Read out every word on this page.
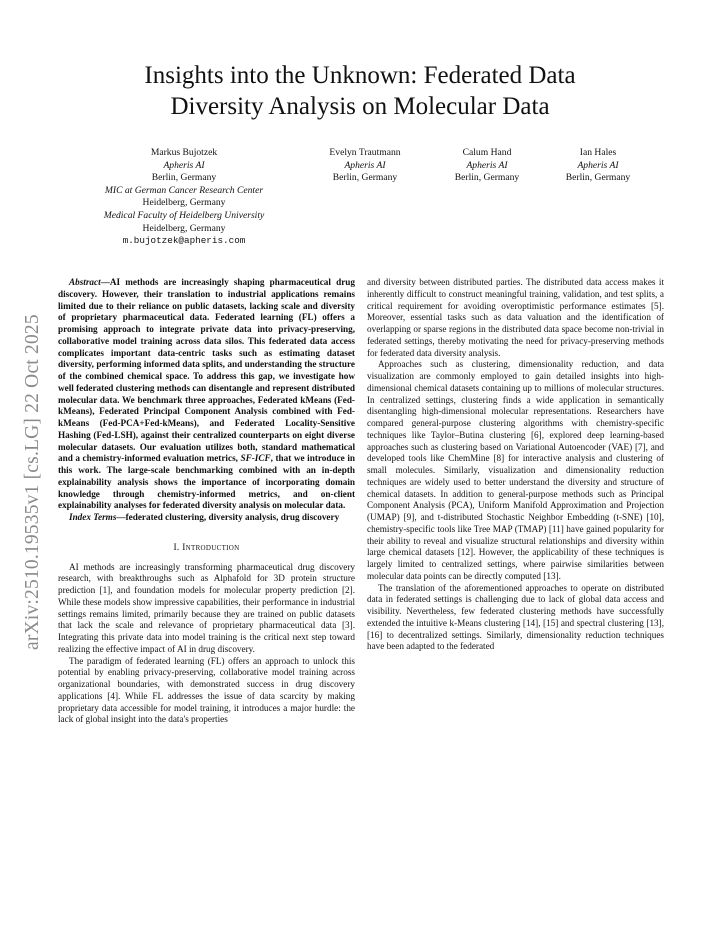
arXiv:2510.19535v1 [cs.LG] 22 Oct 2025
Insights into the Unknown: Federated Data
Diversity Analysis on Molecular Data
Markus Bujotzek
Apheris AI
Berlin, Germany
MIC at German Cancer Research Center
Heidelberg, Germany
Medical Faculty of Heidelberg University
Heidelberg, Germany
m.bujotzek@apheris.com
Evelyn Trautmann
Apheris AI
Berlin, Germany
Calum Hand
Apheris AI
Berlin, Germany
Ian Hales
Apheris AI
Berlin, Germany

Abstract—AI methods are increasingly shaping pharmaceutical drug discovery. However, their translation to industrial applications remains limited due to their reliance on public datasets, lacking scale and diversity of proprietary pharmaceutical data. Federated learning (FL) offers a promising approach to integrate private data into privacy-preserving, collaborative model training across data silos. This federated data access complicates important data-centric tasks such as estimating dataset diversity, performing informed data splits, and understanding the structure of the combined chemical space. To address this gap, we investigate how well federated clustering methods can disentangle and represent distributed molecular data. We benchmark three approaches, Federated kMeans (Fed-kMeans), Federated Principal Component Analysis combined with Fed-kMeans (Fed-PCA+Fed-kMeans), and Federated Locality-Sensitive Hashing (Fed-LSH), against their centralized counterparts on eight diverse molecular datasets. Our evaluation utilizes both, standard mathematical and a chemistry-informed evaluation metrics, SF-ICF, that we introduce in this work. The large-scale benchmarking combined with an in-depth explainability analysis shows the importance of incorporating domain knowledge through chemistry-informed metrics, and on-client explainability analyses for federated diversity analysis on molecular data.

Index Terms—federated clustering, diversity analysis, drug discovery

I. Introduction

AI methods are increasingly transforming pharmaceutical drug discovery research, with breakthroughs such as Alphafold for 3D protein structure prediction [1], and foundation models for molecular property prediction [2]. While these models show impressive capabilities, their performance in industrial settings remains limited, primarily because they are trained on public datasets that lack the scale and relevance of proprietary pharmaceutical data [3]. Integrating this private data into model training is the critical next step toward realizing the effective impact of AI in drug discovery.

The paradigm of federated learning (FL) offers an approach to unlock this potential by enabling privacy-preserving, collaborative model training across organizational boundaries, with demonstrated success in drug discovery applications [4]. While FL addresses the issue of data scarcity by making proprietary data accessible for model training, it introduces a major hurdle: the lack of global insight into the data's properties

and diversity between distributed parties. The distributed data access makes it inherently difficult to construct meaningful training, validation, and test splits, a critical requirement for avoiding overoptimistic performance estimates [5]. Moreover, essential tasks such as data valuation and the identification of overlapping or sparse regions in the distributed data space become non-trivial in federated settings, thereby motivating the need for privacy-preserving methods for federated data diversity analysis.

Approaches such as clustering, dimensionality reduction, and data visualization are commonly employed to gain detailed insights into high-dimensional chemical datasets containing up to millions of molecular structures. In centralized settings, clustering finds a wide application in semantically disentangling high-dimensional molecular representations. Researchers have compared general-purpose clustering algorithms with chemistry-specific techniques like Taylor–Butina clustering [6], explored deep learning-based approaches such as clustering based on Variational Autoencoder (VAE) [7], and developed tools like ChemMine [8] for interactive analysis and clustering of small molecules. Similarly, visualization and dimensionality reduction techniques are widely used to better understand the diversity and structure of chemical datasets. In addition to general-purpose methods such as Principal Component Analysis (PCA), Uniform Manifold Approximation and Projection (UMAP) [9], and t-distributed Stochastic Neighbor Embedding (t-SNE) [10], chemistry-specific tools like Tree MAP (TMAP) [11] have gained popularity for their ability to reveal and visualize structural relationships and diversity within large chemical datasets [12]. However, the applicability of these techniques is largely limited to centralized settings, where pairwise similarities between molecular data points can be directly computed [13].

The translation of the aforementioned approaches to operate on distributed data in federated settings is challenging due to lack of global data access and visibility. Nevertheless, few federated clustering methods have successfully extended the intuitive k-Means clustering [14], [15] and spectral clustering [13], [16] to decentralized settings. Similarly, dimensionality reduction techniques have been adapted to the federated
